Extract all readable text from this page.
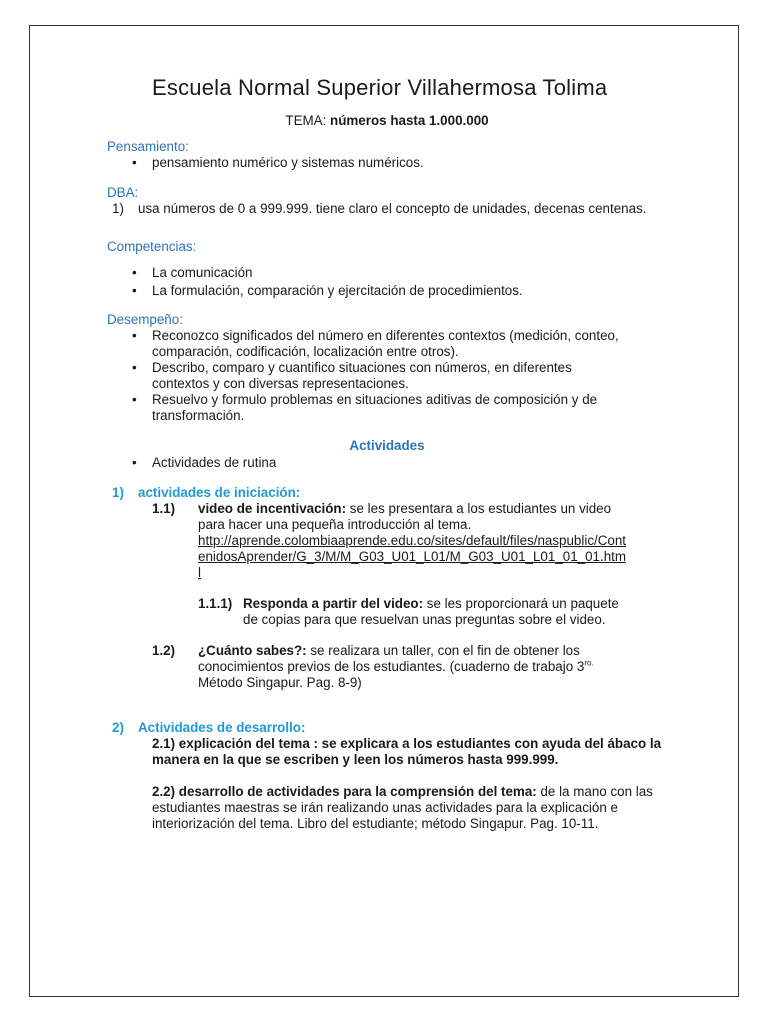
Escuela Normal Superior Villahermosa Tolima
TEMA: números hasta 1.000.000
Pensamiento:
• pensamiento numérico y sistemas numéricos.
DBA:
1) usa números de 0 a 999.999. tiene claro el concepto de unidades, decenas centenas.
Competencias:
• La comunicación
• La formulación, comparación y ejercitación de procedimientos.
Desempeño:
• Reconozco significados del número en diferentes contextos (medición, conteo, comparación, codificación, localización entre otros).
• Describo, comparo y cuantifico situaciones con números, en diferentes contextos y con diversas representaciones.
• Resuelvo y formulo problemas en situaciones aditivas de composición y de transformación.
Actividades
• Actividades de rutina
1) actividades de iniciación:
1.1) video de incentivación: se les presentara a los estudiantes un video para hacer una pequeña introducción al tema.
http://aprende.colombiaaprende.edu.co/sites/default/files/naspublic/ContenidosAprender/G_3/M/M_G03_U01_L01/M_G03_U01_L01_01_01.html
1.1.1) Responda a partir del video: se les proporcionará un paquete de copias para que resuelvan unas preguntas sobre el video.
1.2) ¿Cuánto sabes?: se realizara un taller, con el fin de obtener los conocimientos previos de los estudiantes. (cuaderno de trabajo $3^{ro.}$ Método Singapur. Pag. 8-9)
2) Actividades de desarrollo:
2.1) explicación del tema : se explicara a los estudiantes con ayuda del ábaco la manera en la que se escriben y leen los números hasta 999.999.
2.2) desarrollo de actividades para la comprensión del tema: de la mano con las estudiantes maestras se irán realizando unas actividades para la explicación e interiorización del tema. Libro del estudiante; método Singapur. Pag. 10-11.
